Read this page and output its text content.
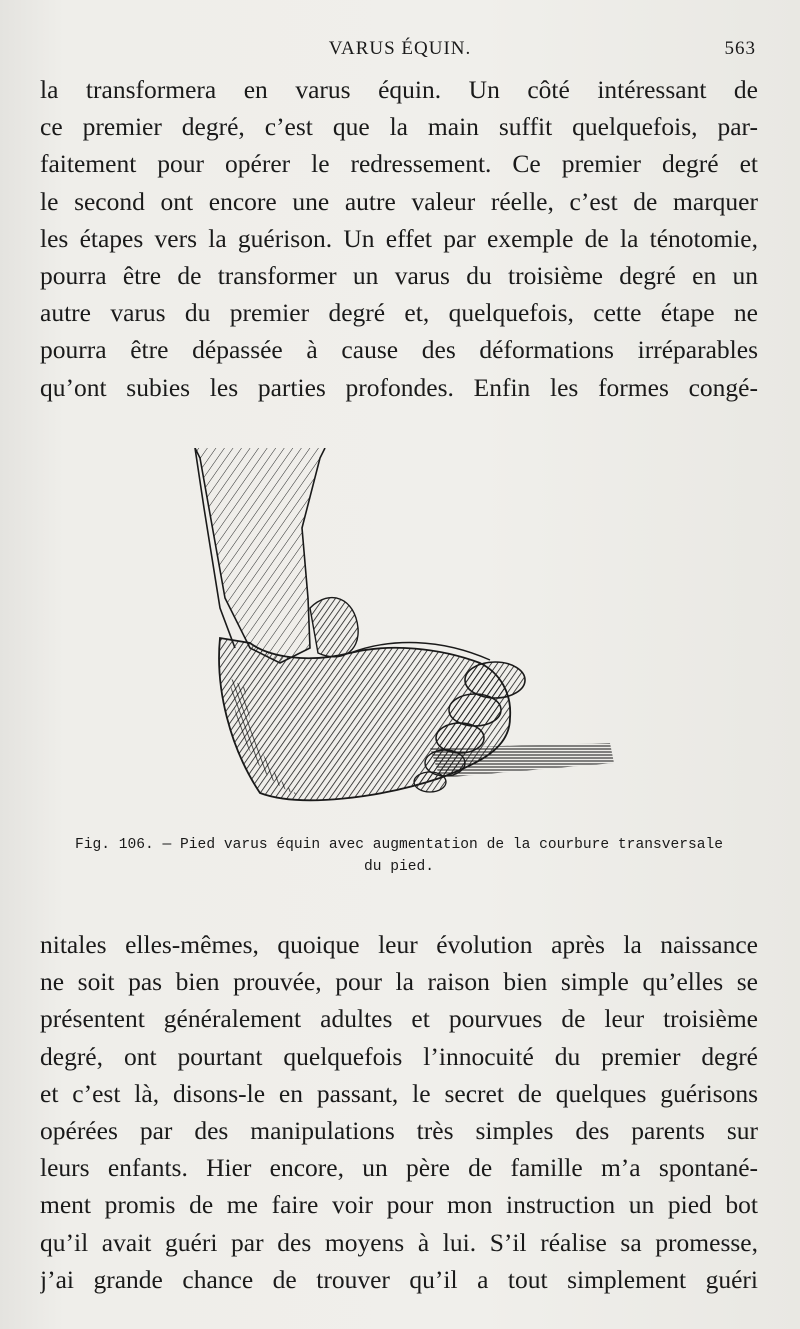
VARUS ÉQUIN.	563
la transformera en varus équin. Un côté intéressant de
ce premier degré, c’est que la main suffit quelquefois, par-
faitement pour opérer le redressement. Ce premier degré et
le second ont encore une autre valeur réelle, c’est de marquer
les étapes vers la guérison. Un effet par exemple de la ténotomie,
pourra être de transformer un varus du troisième degré en un
autre varus du premier degré et, quelquefois, cette étape ne
pourra être dépassée à cause des déformations irréparables
qu’ont subies les parties profondes. Enfin les formes congé-
Fig. 106. — Pied varus équin avec augmentation de la courbure transversale
du pied.
nitales elles-mêmes, quoique leur évolution après la naissance
ne soit pas bien prouvée, pour la raison bien simple qu’elles se
présentent généralement adultes et pourvues de leur troisième
degré, ont pourtant quelquefois l’innocuité du premier degré
et c’est là, disons-le en passant, le secret de quelques guérisons
opérées par des manipulations très simples des parents sur
leurs enfants. Hier encore, un père de famille m’a spontané-
ment promis de me faire voir pour mon instruction un pied bot
qu’il avait guéri par des moyens à lui. S’il réalise sa promesse,
j’ai grande chance de trouver qu’il a tout simplement guéri
